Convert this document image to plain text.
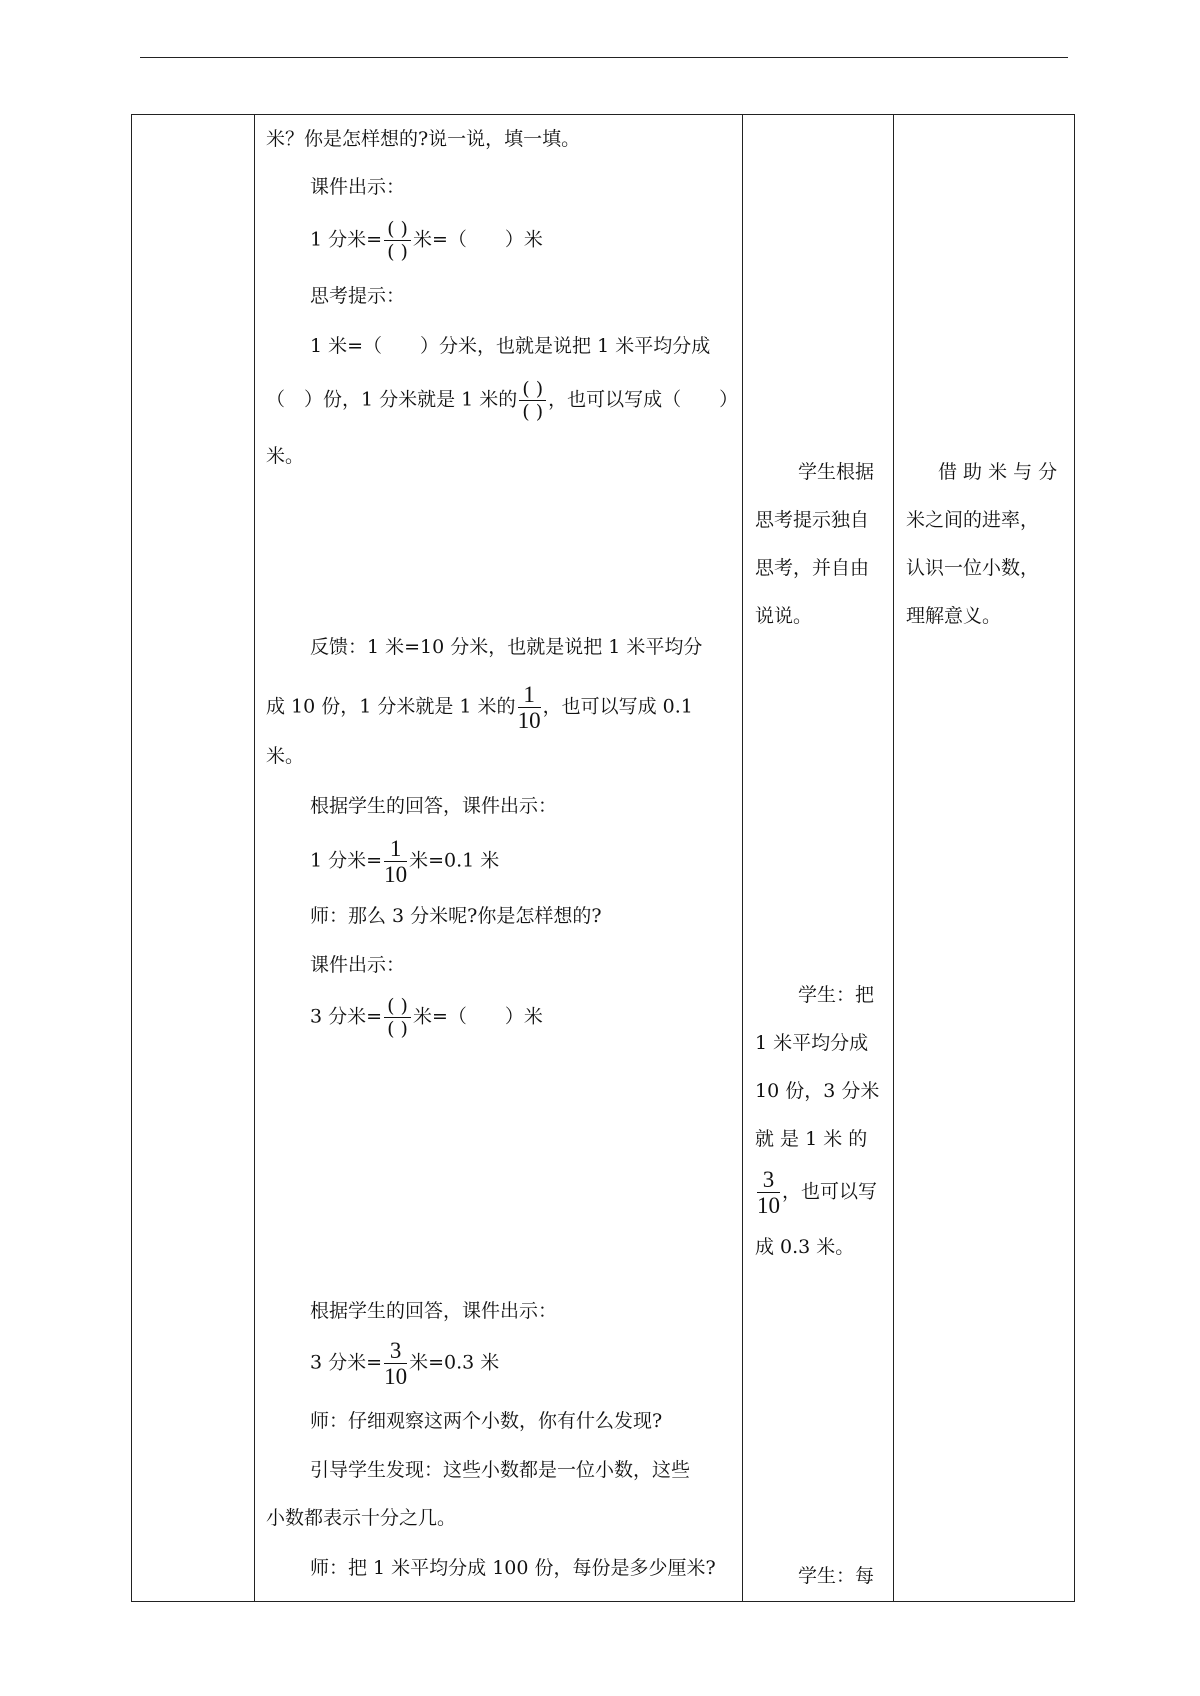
米？你是怎样想的?说一说，填一填。
课件出示：
1 分米= $\frac{( )}{( )}$ 米=（　　）米
思考提示：
1 米=（　　）分米，也就是说把 1 米平均分成
（　）份，1 分米就是 1 米的 $\frac{( )}{( )}$ ，也可以写成（　　）
米。
反馈：1 米=10 分米，也就是说把 1 米平均分
成 10 份，1 分米就是 1 米的 $\frac{1}{10}$ ，也可以写成 0.1
米。
根据学生的回答，课件出示：
1 分米= $\frac{1}{10}$ 米=0.1 米
师：那么 3 分米呢?你是怎样想的?
课件出示：
3 分米= $\frac{( )}{( )}$ 米=（　　）米
根据学生的回答，课件出示：
3 分米= $\frac{3}{10}$ 米=0.3 米
师：仔细观察这两个小数，你有什么发现?
引导学生发现：这些小数都是一位小数，这些
小数都表示十分之几。
师：把 1 米平均分成 100 份，每份是多少厘米?
学生根据
思考提示独自
思考，并自由
说说。
学生：把
1 米平均分成
10 份，3 分米
就 是 1 米 的
$\frac{3}{10}$ ，也可以写
成 0.3 米。
学生：每
借 助 米 与 分
米之间的进率，
认识一位小数，
理解意义。
